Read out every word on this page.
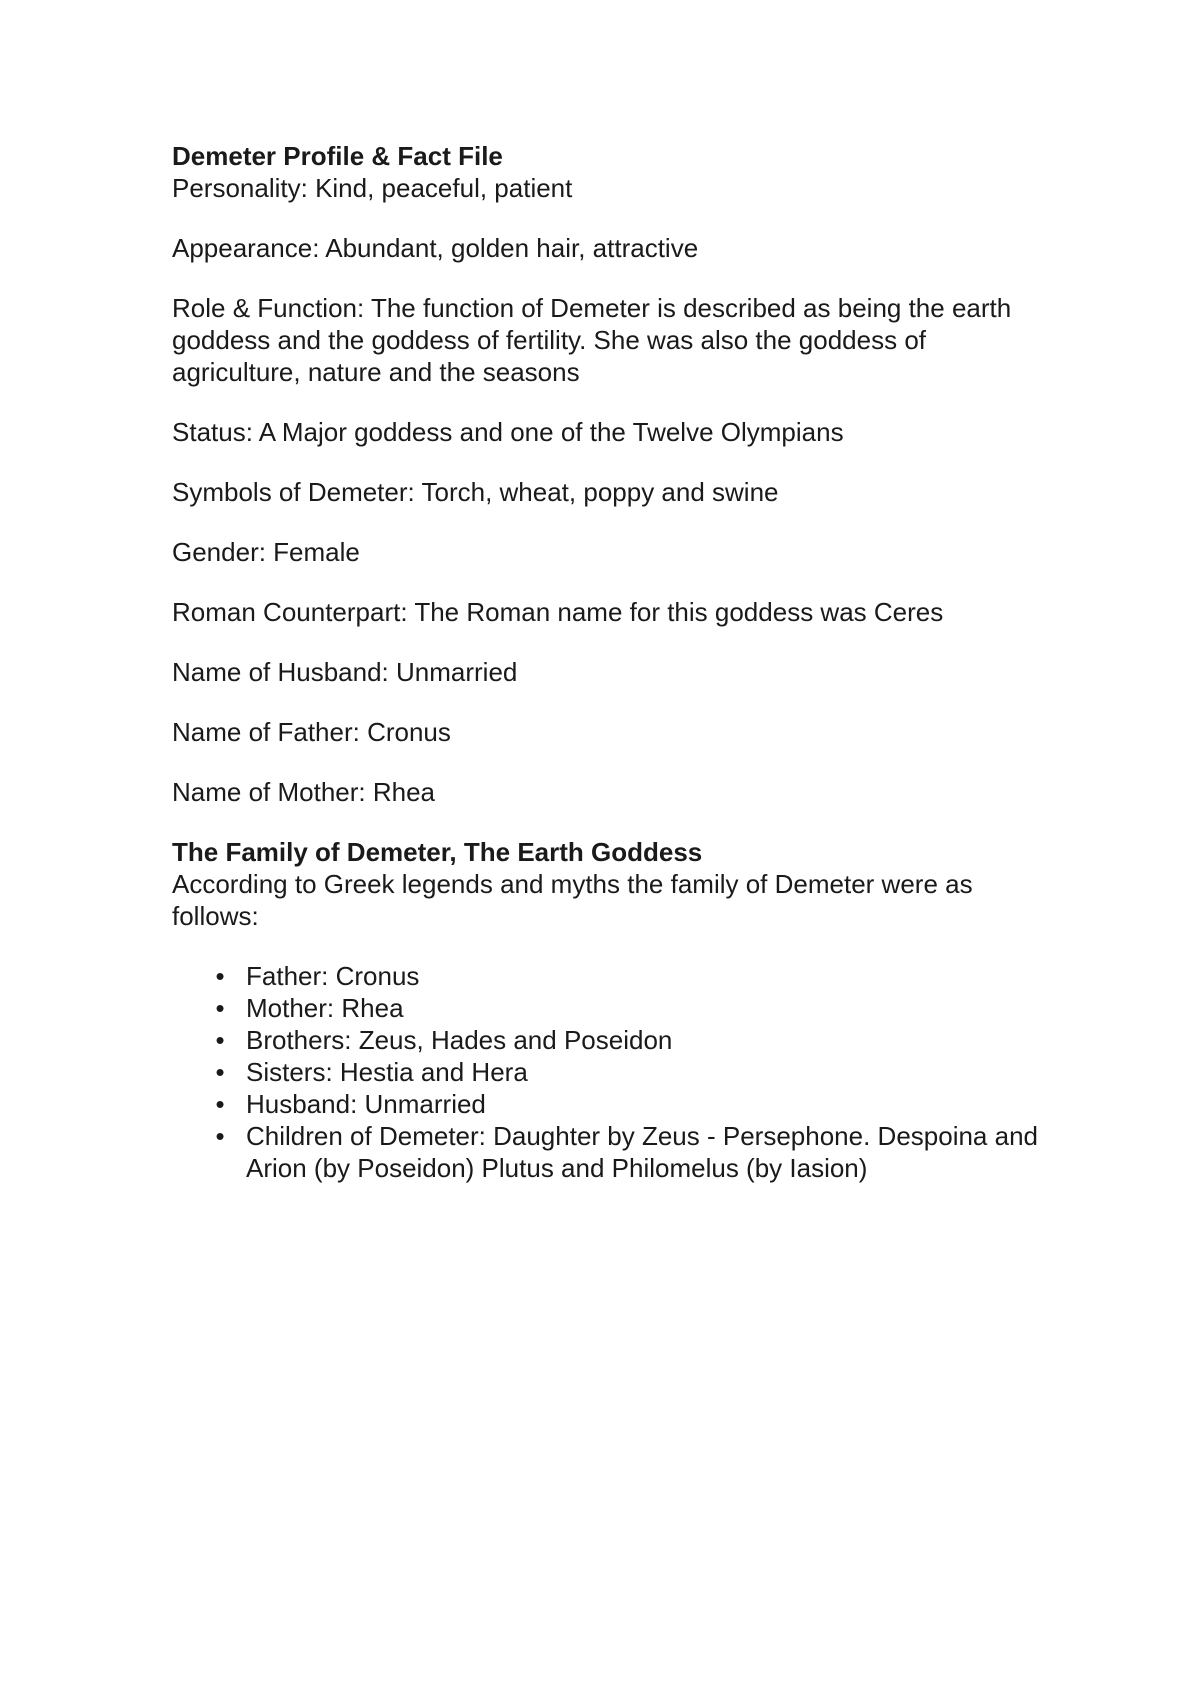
Demeter Profile & Fact File

Personality: Kind, peaceful, patient

Appearance: Abundant, golden hair, attractive

Role & Function: The function of Demeter is described as being the earth goddess and the goddess of fertility. She was also the goddess of agriculture, nature and the seasons

Status: A Major goddess and one of the Twelve Olympians

Symbols of Demeter: Torch, wheat, poppy and swine

Gender: Female

Roman Counterpart: The Roman name for this goddess was Ceres

Name of Husband: Unmarried

Name of Father: Cronus

Name of Mother: Rhea

The Family of Demeter, The Earth Goddess

According to Greek legends and myths the family of Demeter were as follows:

• Father: Cronus
• Mother: Rhea
• Brothers: Zeus, Hades and Poseidon
• Sisters: Hestia and Hera
• Husband: Unmarried
• Children of Demeter: Daughter by Zeus - Persephone. Despoina and Arion (by Poseidon) Plutus and Philomelus (by Iasion)
